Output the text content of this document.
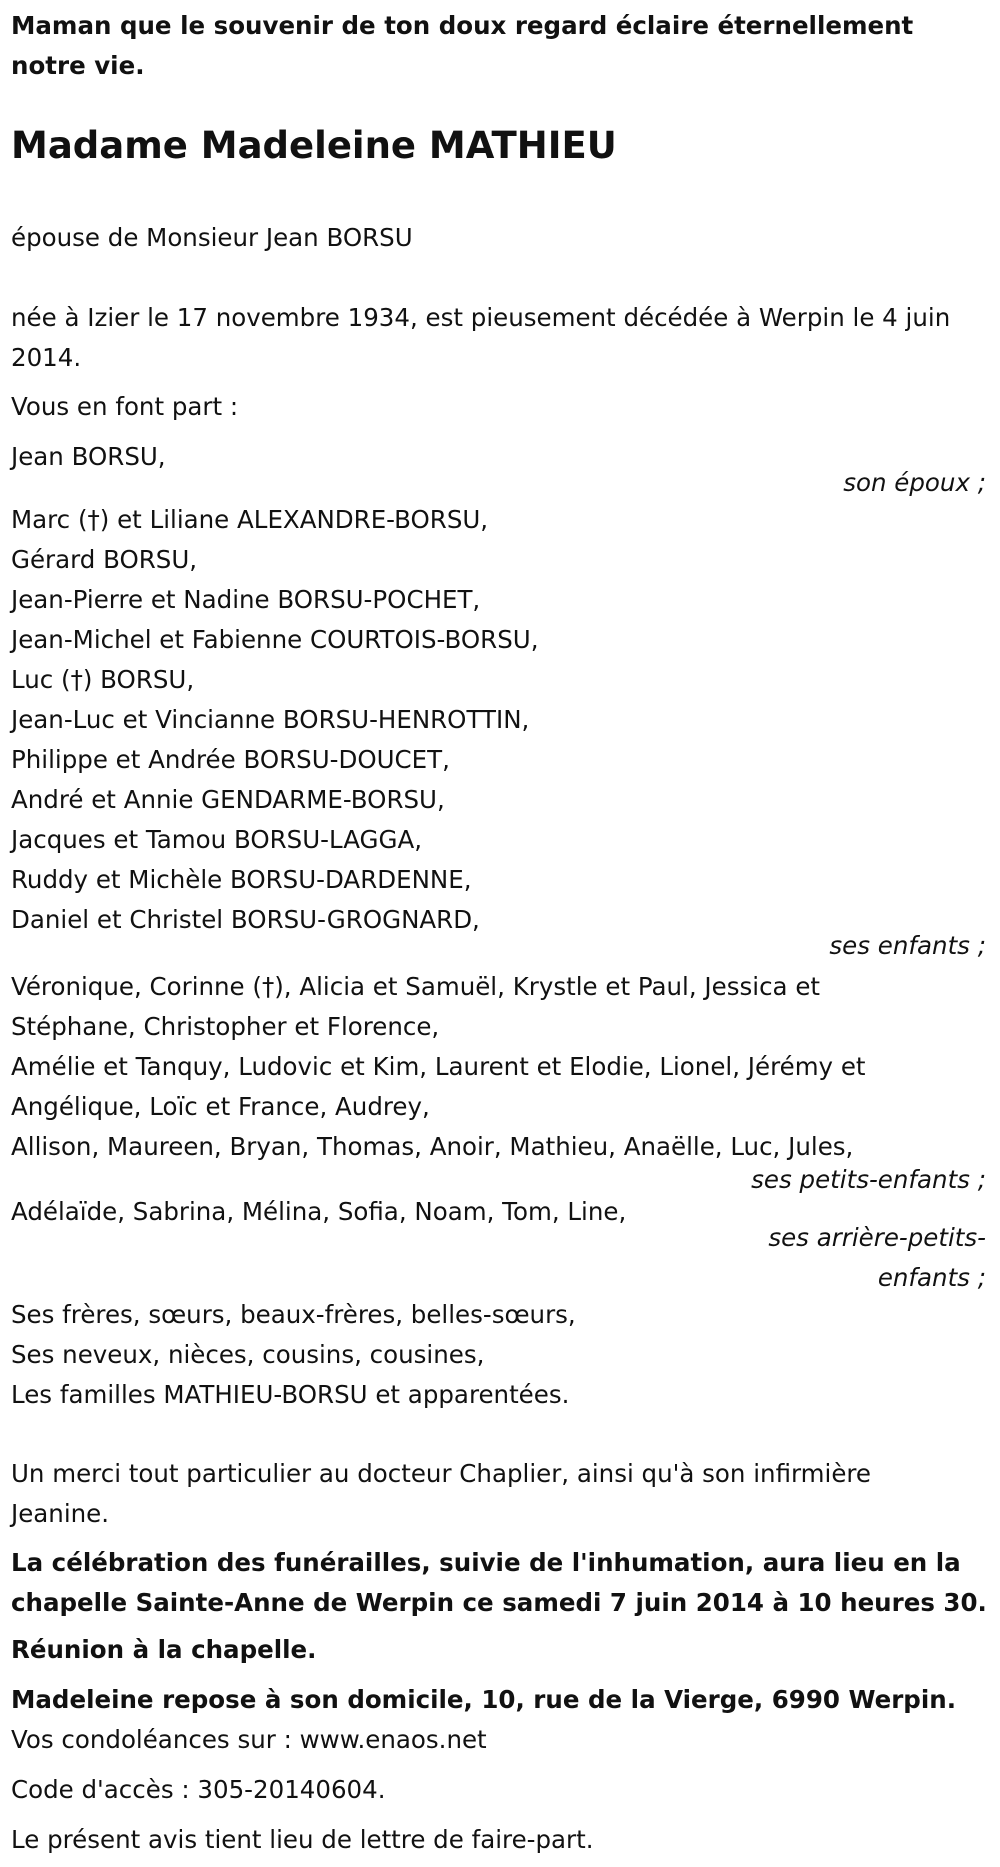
Maman que le souvenir de ton doux regard éclaire éternellement notre vie.
Madame Madeleine MATHIEU
épouse de Monsieur Jean BORSU
née à Izier le 17 novembre 1934, est pieusement décédée à Werpin le 4 juin 2014.
Vous en font part :
Jean BORSU,
son époux ;
Marc (†) et Liliane ALEXANDRE-BORSU,
Gérard BORSU,
Jean-Pierre et Nadine BORSU-POCHET,
Jean-Michel et Fabienne COURTOIS-BORSU,
Luc (†) BORSU,
Jean-Luc et Vincianne BORSU-HENROTTIN,
Philippe et Andrée BORSU-DOUCET,
André et Annie GENDARME-BORSU,
Jacques et Tamou BORSU-LAGGA,
Ruddy et Michèle BORSU-DARDENNE,
Daniel et Christel BORSU-GROGNARD,
ses enfants ;
Véronique, Corinne (†), Alicia et Samuël, Krystle et Paul, Jessica et Stéphane, Christopher et Florence,
Amélie et Tanquy, Ludovic et Kim, Laurent et Elodie, Lionel, Jérémy et Angélique, Loïc et France, Audrey,
Allison, Maureen, Bryan, Thomas, Anoir, Mathieu, Anaëlle, Luc, Jules,
ses petits-enfants ;
Adélaïde, Sabrina, Mélina, Sofia, Noam, Tom, Line,
ses arrière-petits-
enfants ;
Ses frères, sœurs, beaux-frères, belles-sœurs,
Ses neveux, nièces, cousins, cousines,
Les familles MATHIEU-BORSU et apparentées.
Un merci tout particulier au docteur Chaplier, ainsi qu'à son infirmière Jeanine.
La célébration des funérailles, suivie de l'inhumation, aura lieu en la chapelle Sainte-Anne de Werpin ce samedi 7 juin 2014 à 10 heures 30.
Réunion à la chapelle.
Madeleine repose à son domicile, 10, rue de la Vierge, 6990 Werpin.
Vos condoléances sur : www.enaos.net
Code d'accès : 305-20140604.
Le présent avis tient lieu de lettre de faire-part.
